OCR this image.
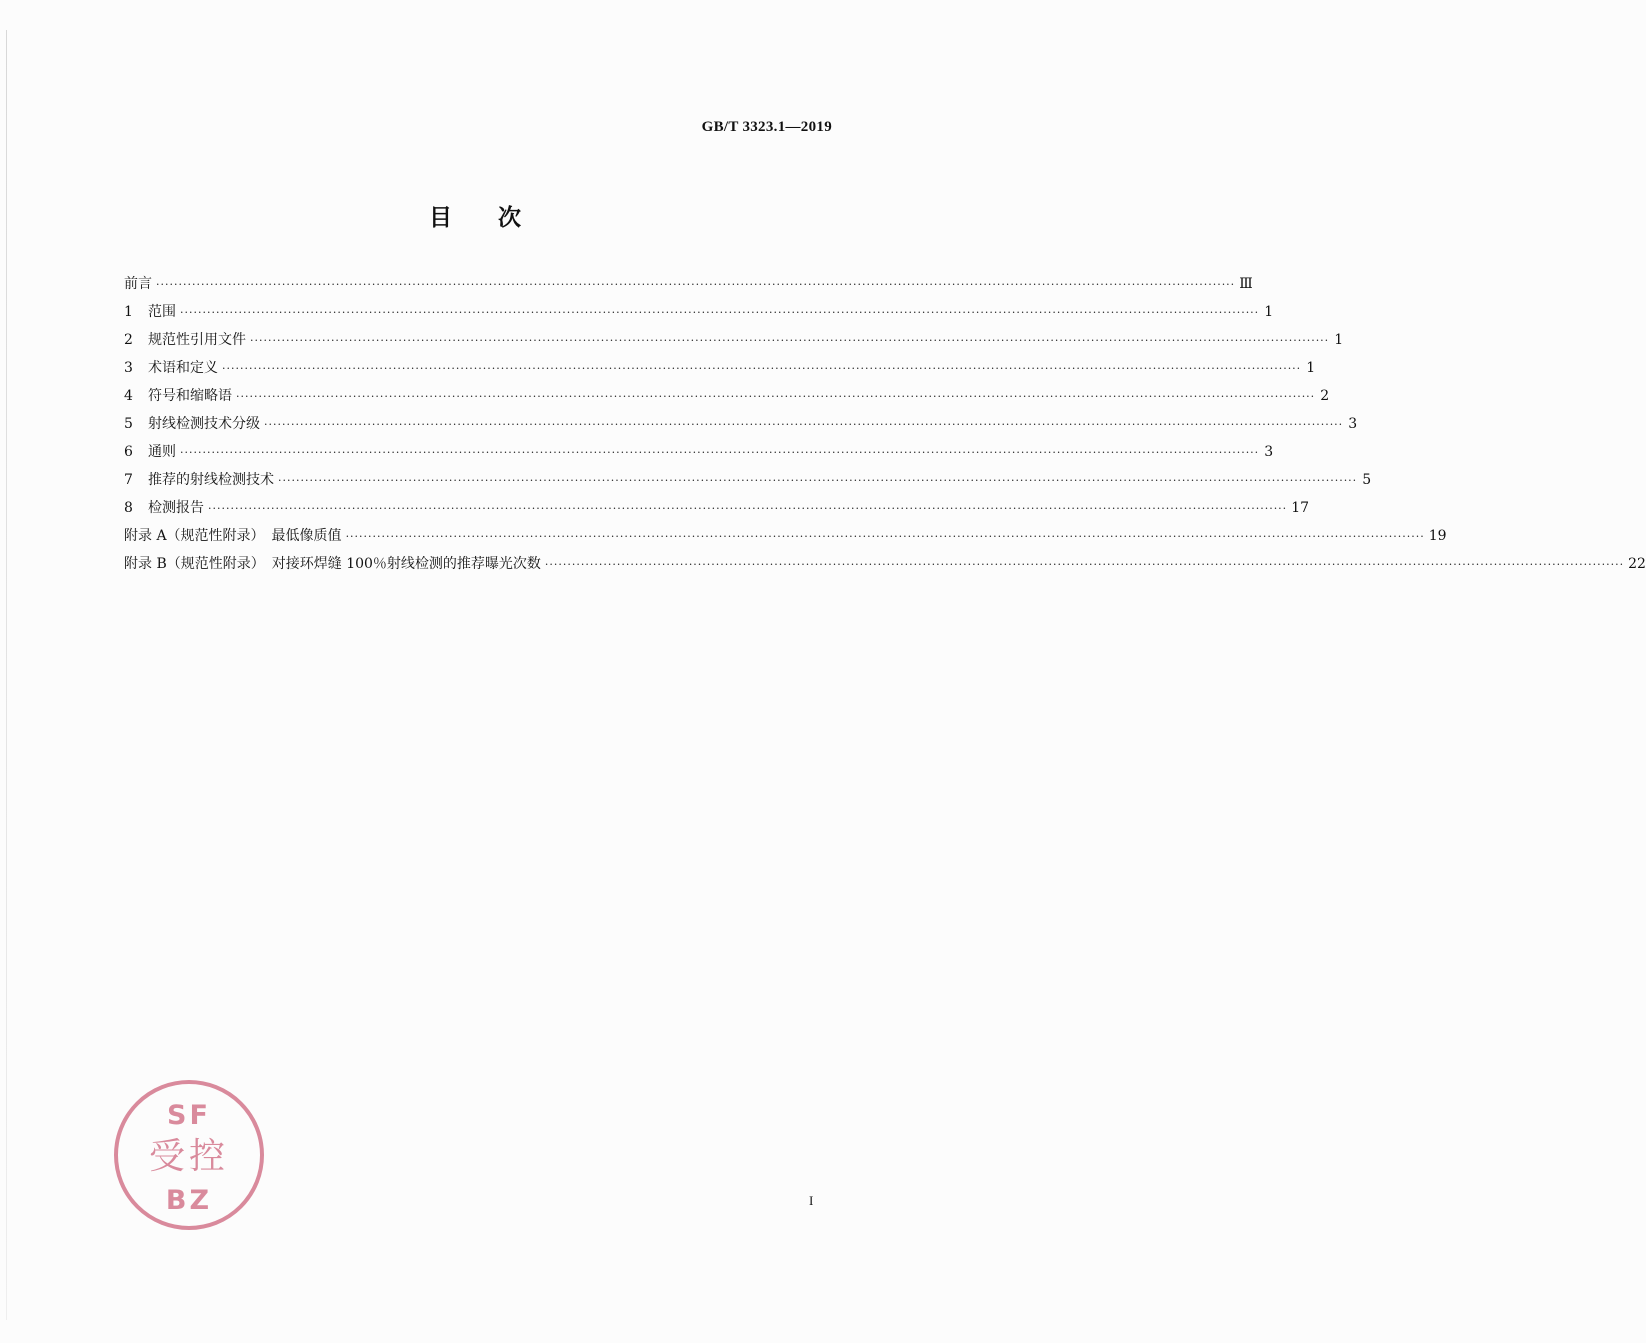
GB/T 3323.1—2019
目　　次
前言 ················································································································································································································································ Ⅲ
1	范围 ················································································································································································································································ 1
2	规范性引用文件 ················································································································································································································································ 1
3	术语和定义 ················································································································································································································································ 1
4	符号和缩略语 ················································································································································································································································ 2
5	射线检测技术分级 ················································································································································································································································ 3
6	通则 ················································································································································································································································ 3
7	推荐的射线检测技术 ················································································································································································································································ 5
8	检测报告 ················································································································································································································································ 17
附录 A（规范性附录）　最低像质值 ················································································································································································································································ 19
附录 B（规范性附录）　对接环焊缝 100％射线检测的推荐曝光次数 ················································································································································································································································ 22
SF
受控
BZ	I
